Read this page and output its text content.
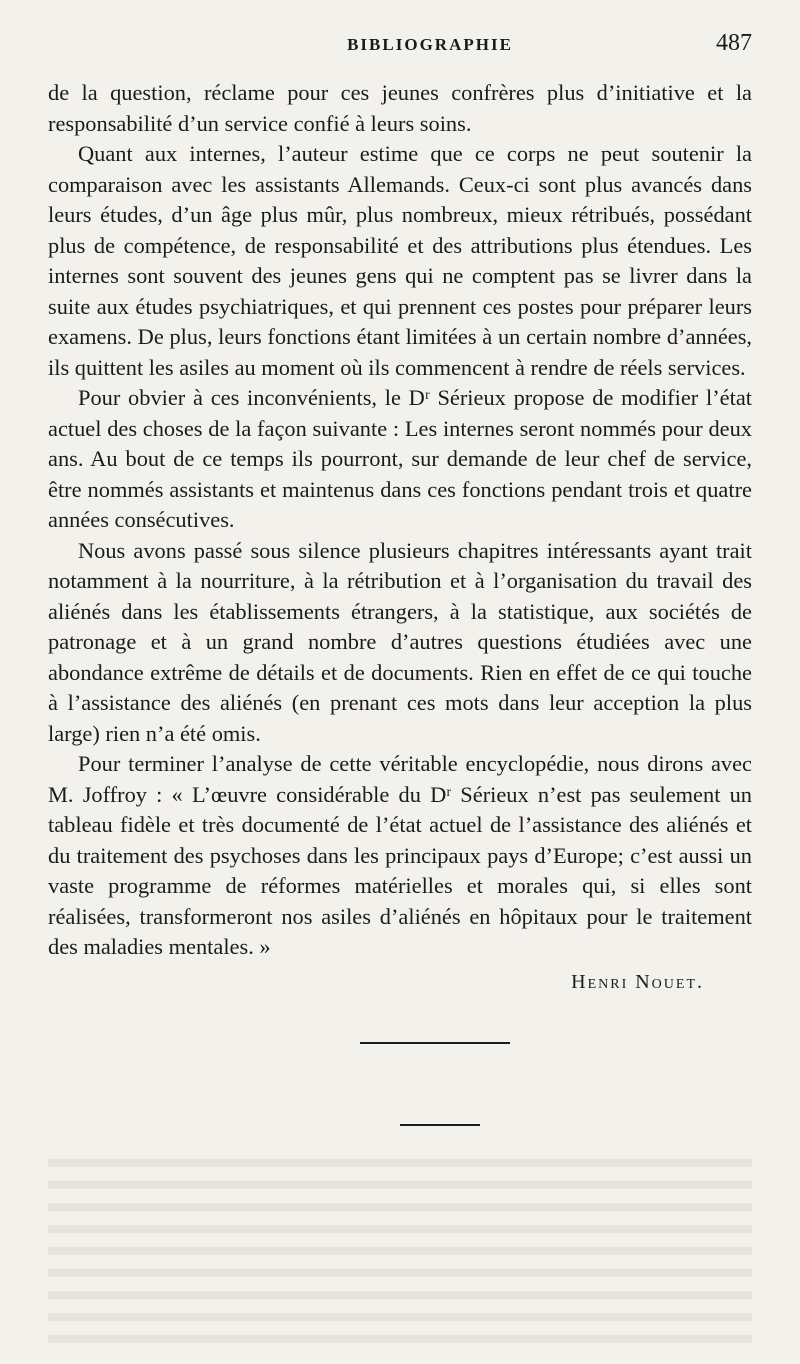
BIBLIOGRAPHIE	487

de la question, réclame pour ces jeunes confrères plus d’initiative et la responsabilité d’un service confié à leurs soins.

Quant aux internes, l’auteur estime que ce corps ne peut soutenir la comparaison avec les assistants Allemands. Ceux-ci sont plus avancés dans leurs études, d’un âge plus mûr, plus nombreux, mieux rétribués, possédant plus de compétence, de responsabilité et des attributions plus étendues. Les internes sont souvent des jeunes gens qui ne comptent pas se livrer dans la suite aux études psychiatriques, et qui prennent ces postes pour préparer leurs examens. De plus, leurs fonctions étant limitées à un certain nombre d’années, ils quittent les asiles au moment où ils commencent à rendre de réels services.

Pour obvier à ces inconvénients, le Dʳ Sérieux propose de modifier l’état actuel des choses de la façon suivante : Les internes seront nommés pour deux ans. Au bout de ce temps ils pourront, sur demande de leur chef de service, être nommés assistants et maintenus dans ces fonctions pendant trois et quatre années consécutives.

Nous avons passé sous silence plusieurs chapitres intéressants ayant trait notamment à la nourriture, à la rétribution et à l’organisation du travail des aliénés dans les établissements étrangers, à la statistique, aux sociétés de patronage et à un grand nombre d’autres questions étudiées avec une abondance extrême de détails et de documents. Rien en effet de ce qui touche à l’assistance des aliénés (en prenant ces mots dans leur acception la plus large) rien n’a été omis.

Pour terminer l’analyse de cette véritable encyclopédie, nous dirons avec M. Joffroy : « L’œuvre considérable du Dʳ Sérieux n’est pas seulement un tableau fidèle et très documenté de l’état actuel de l’assistance des aliénés et du traitement des psychoses dans les principaux pays d’Europe; c’est aussi un vaste programme de réformes matérielles et morales qui, si elles sont réalisées, transformeront nos asiles d’aliénés en hôpitaux pour le traitement des maladies mentales. »

Henri Nouet.
